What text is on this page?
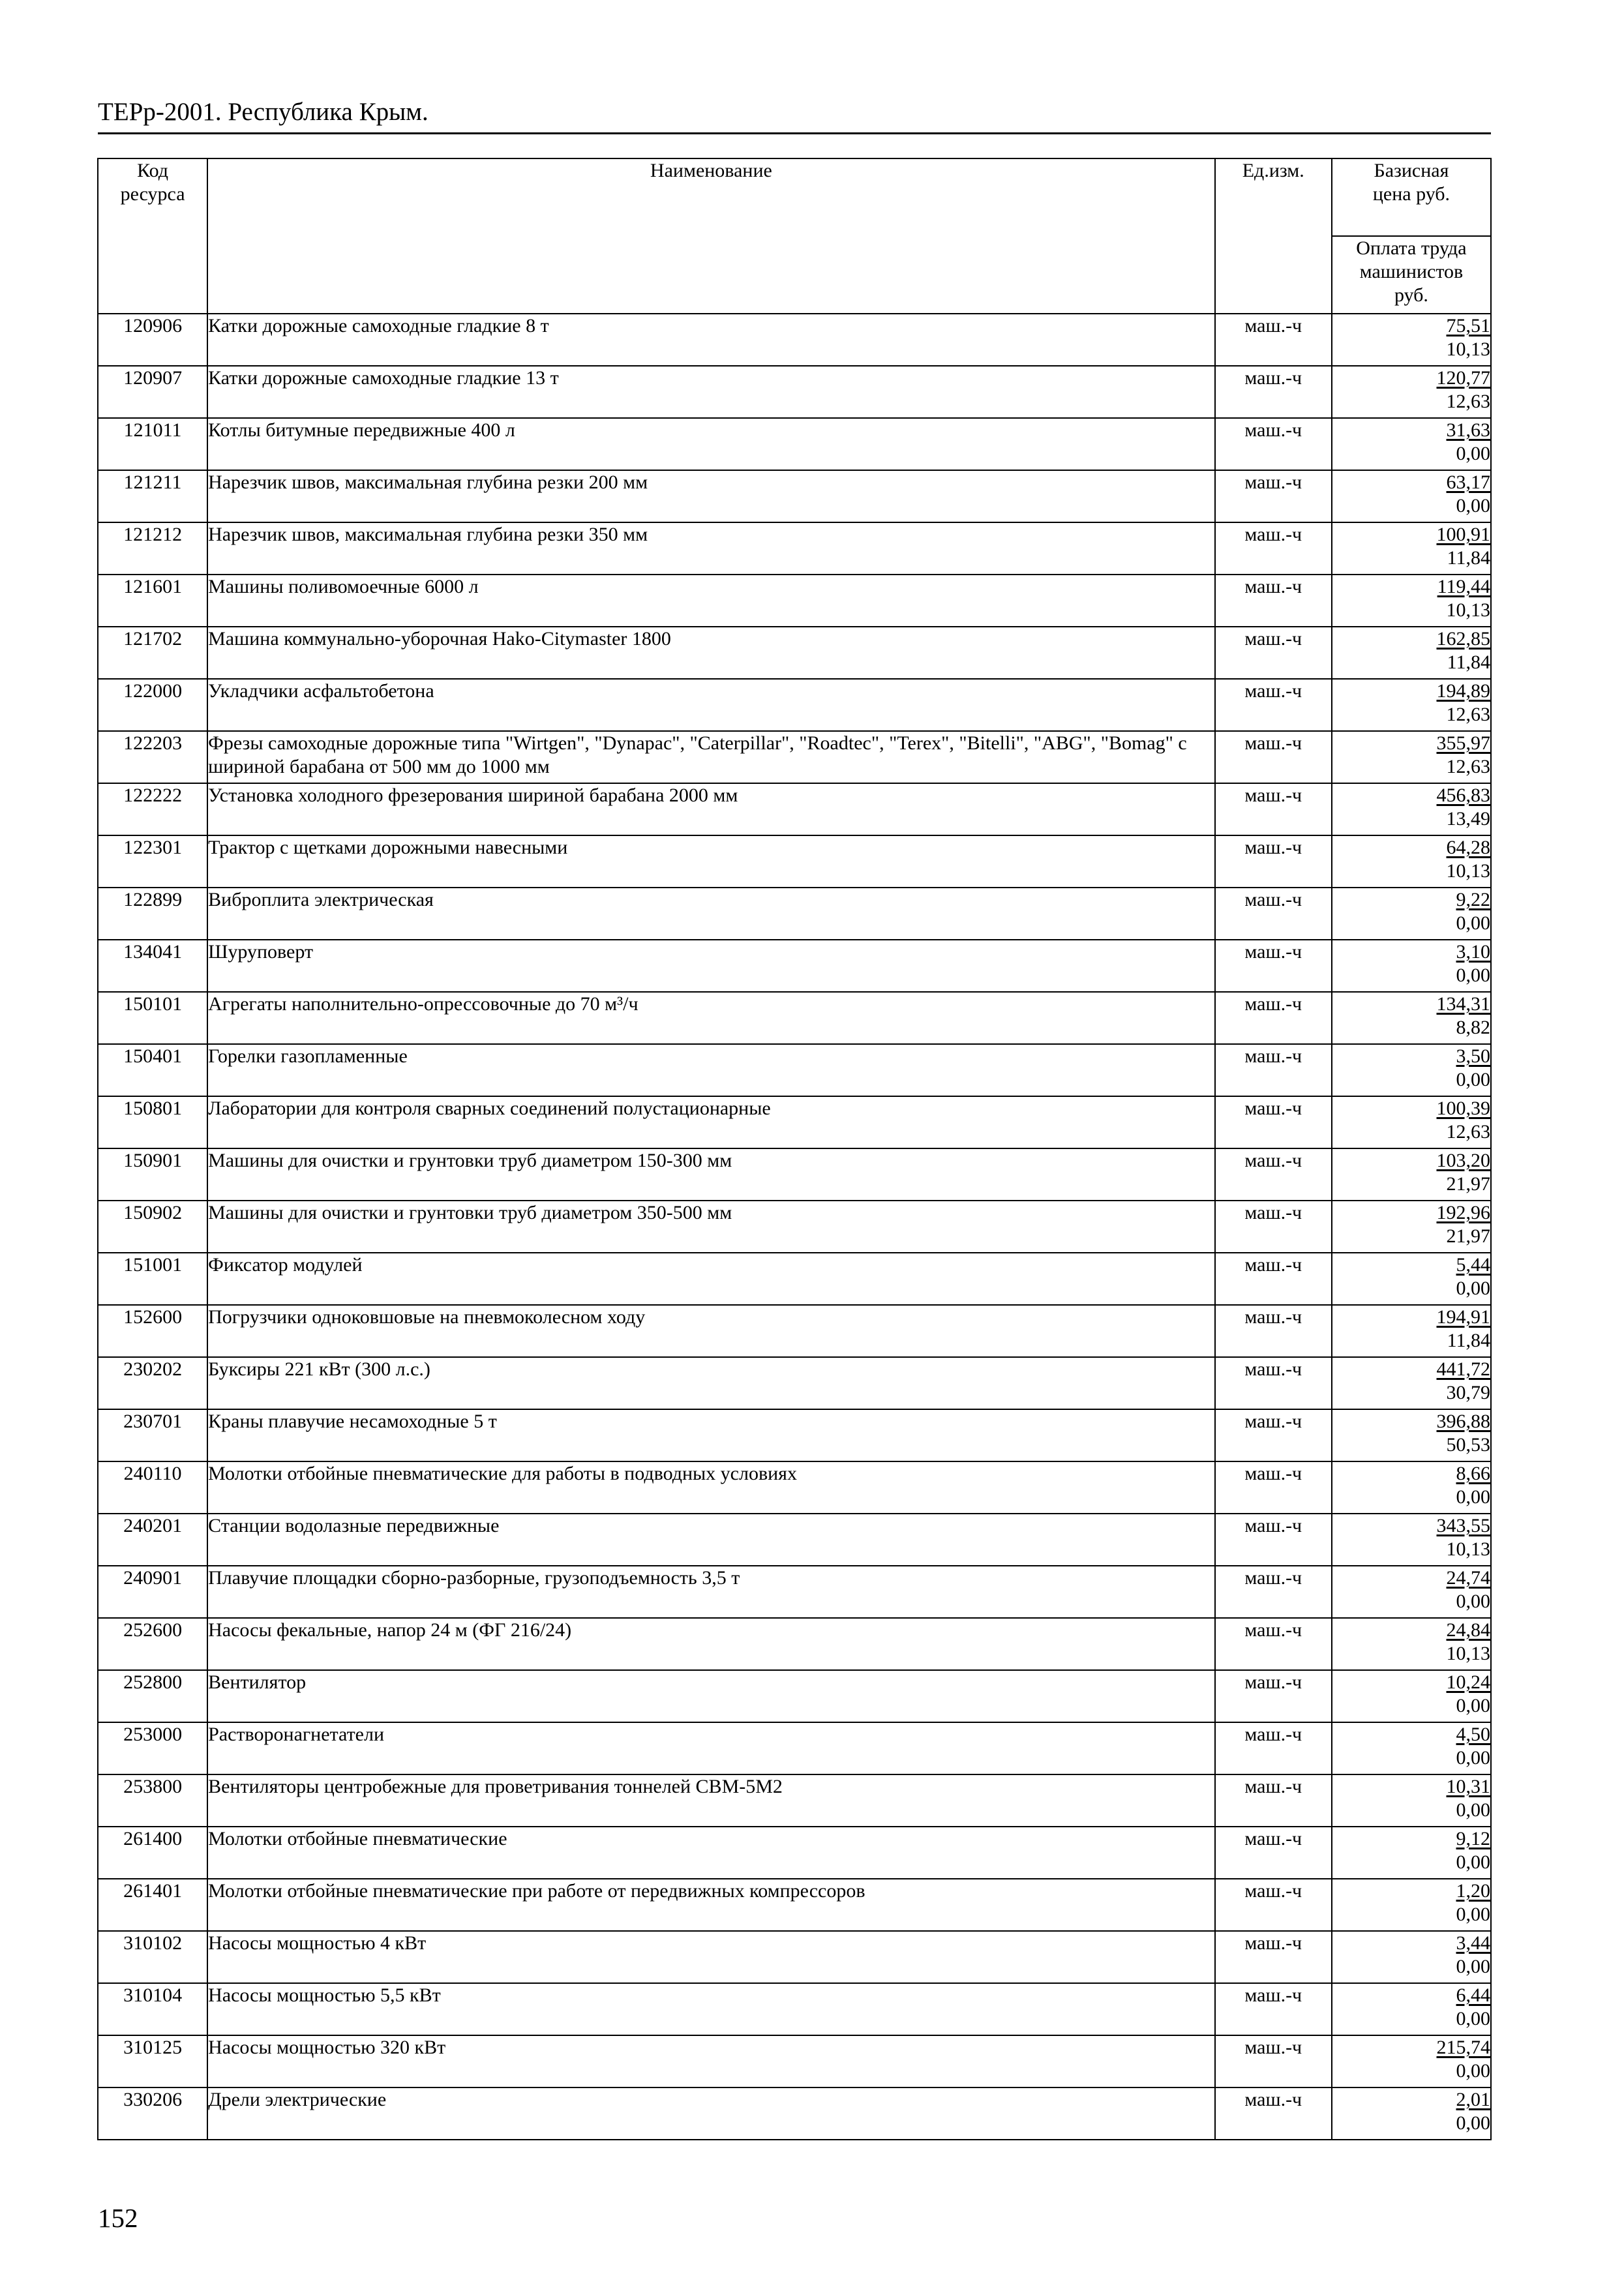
ТЕРр-2001. Республика Крым.
Код ресурса	Наименование	Ед.изм.	Базисная цена руб.
			Оплата труда машинистов руб.
120906	Катки дорожные самоходные гладкие 8 т	маш.-ч	75,51
10,13

120907	Катки дорожные самоходные гладкие 13 т	маш.-ч	120,77
12,63

121011	Котлы битумные передвижные 400 л	маш.-ч	31,63
0,00

121211	Нарезчик швов, максимальная глубина резки 200 мм	маш.-ч	63,17
0,00

121212	Нарезчик швов, максимальная глубина резки 350 мм	маш.-ч	100,91
11,84

121601	Машины поливомоечные 6000 л	маш.-ч	119,44
10,13

121702	Машина коммунально-уборочная Hako-Citymaster 1800	маш.-ч	162,85
11,84

122000	Укладчики асфальтобетона	маш.-ч	194,89
12,63

122203	Фрезы самоходные дорожные типа "Wirtgen", "Dynapac", "Caterpillar", "Roadtec", "Terex", "Bitelli", "ABG", "Bomag" с шириной барабана от 500 мм до 1000 мм	маш.-ч	355,97
12,63

122222	Установка холодного фрезерования шириной барабана 2000 мм	маш.-ч	456,83
13,49

122301	Трактор с щетками дорожными навесными	маш.-ч	64,28
10,13

122899	Виброплита электрическая	маш.-ч	9,22
0,00

134041	Шуруповерт	маш.-ч	3,10
0,00

150101	Агрегаты наполнительно-опрессовочные до 70 м³/ч	маш.-ч	134,31
8,82

150401	Горелки газопламенные	маш.-ч	3,50
0,00

150801	Лаборатории для контроля сварных соединений полустационарные	маш.-ч	100,39
12,63

150901	Машины для очистки и грунтовки труб диаметром 150-300 мм	маш.-ч	103,20
21,97

150902	Машины для очистки и грунтовки труб диаметром 350-500 мм	маш.-ч	192,96
21,97

151001	Фиксатор модулей	маш.-ч	5,44
0,00

152600	Погрузчики одноковшовые на пневмоколесном ходу	маш.-ч	194,91
11,84

230202	Буксиры 221 кВт (300 л.с.)	маш.-ч	441,72
30,79

230701	Краны плавучие несамоходные 5 т	маш.-ч	396,88
50,53

240110	Молотки отбойные пневматические для работы в подводных условиях	маш.-ч	8,66
0,00

240201	Станции водолазные передвижные	маш.-ч	343,55
10,13

240901	Плавучие площадки сборно-разборные, грузоподъемность 3,5 т	маш.-ч	24,74
0,00

252600	Насосы фекальные, напор 24 м (ФГ 216/24)	маш.-ч	24,84
10,13

252800	Вентилятор	маш.-ч	10,24
0,00

253000	Растворонагнетатели	маш.-ч	4,50
0,00

253800	Вентиляторы центробежные для проветривания тоннелей СВМ-5М2	маш.-ч	10,31
0,00

261400	Молотки отбойные пневматические	маш.-ч	9,12
0,00

261401	Молотки отбойные пневматические при работе от передвижных компрессоров	маш.-ч	1,20
0,00

310102	Насосы мощностью 4 кВт	маш.-ч	3,44
0,00

310104	Насосы мощностью 5,5 кВт	маш.-ч	6,44
0,00

310125	Насосы мощностью 320 кВт	маш.-ч	215,74
0,00

330206	Дрели электрические	маш.-ч	2,01
0,00
152
